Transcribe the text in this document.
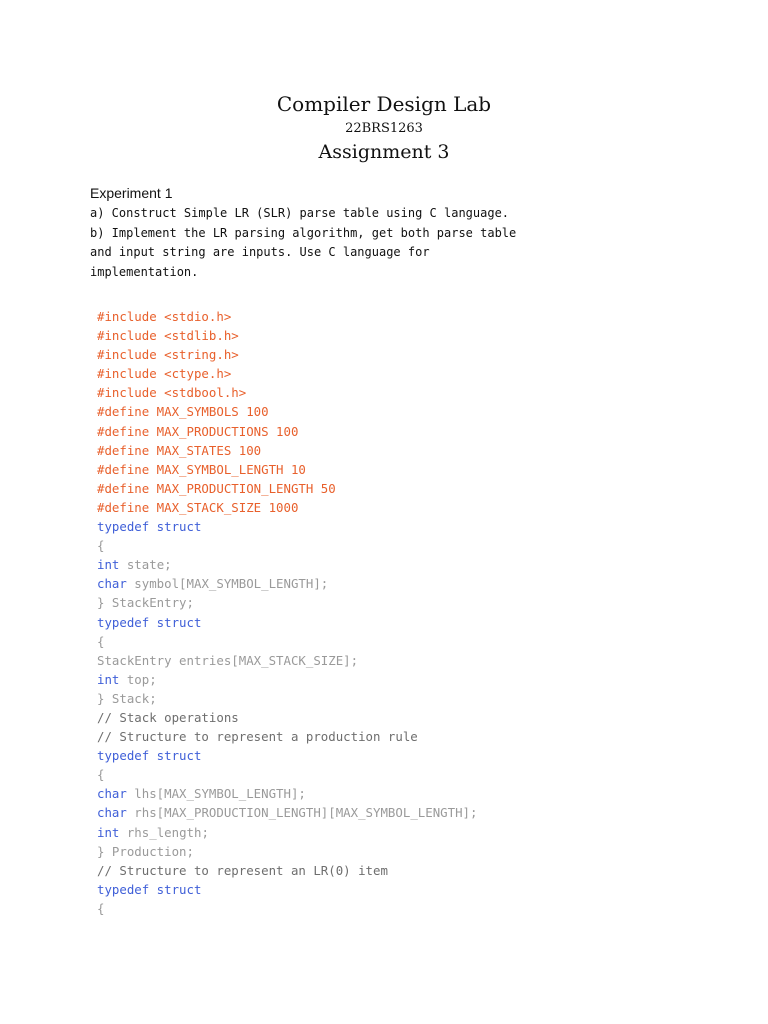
Compiler Design Lab
22BRS1263
Assignment 3
Experiment 1
a) Construct Simple LR (SLR) parse table using C language.
b) Implement the LR parsing algorithm, get both parse table
and input string are inputs. Use C language for
implementation.
#include <stdio.h>
#include <stdlib.h>
#include <string.h>
#include <ctype.h>
#include <stdbool.h>
#define MAX_SYMBOLS 100
#define MAX_PRODUCTIONS 100
#define MAX_STATES 100
#define MAX_SYMBOL_LENGTH 10
#define MAX_PRODUCTION_LENGTH 50
#define MAX_STACK_SIZE 1000
typedef struct
{
int state;
char symbol[MAX_SYMBOL_LENGTH];
} StackEntry;
typedef struct
{
StackEntry entries[MAX_STACK_SIZE];
int top;
} Stack;
// Stack operations
// Structure to represent a production rule
typedef struct
{
char lhs[MAX_SYMBOL_LENGTH];
char rhs[MAX_PRODUCTION_LENGTH][MAX_SYMBOL_LENGTH];
int rhs_length;
} Production;
// Structure to represent an LR(0) item
typedef struct
{
